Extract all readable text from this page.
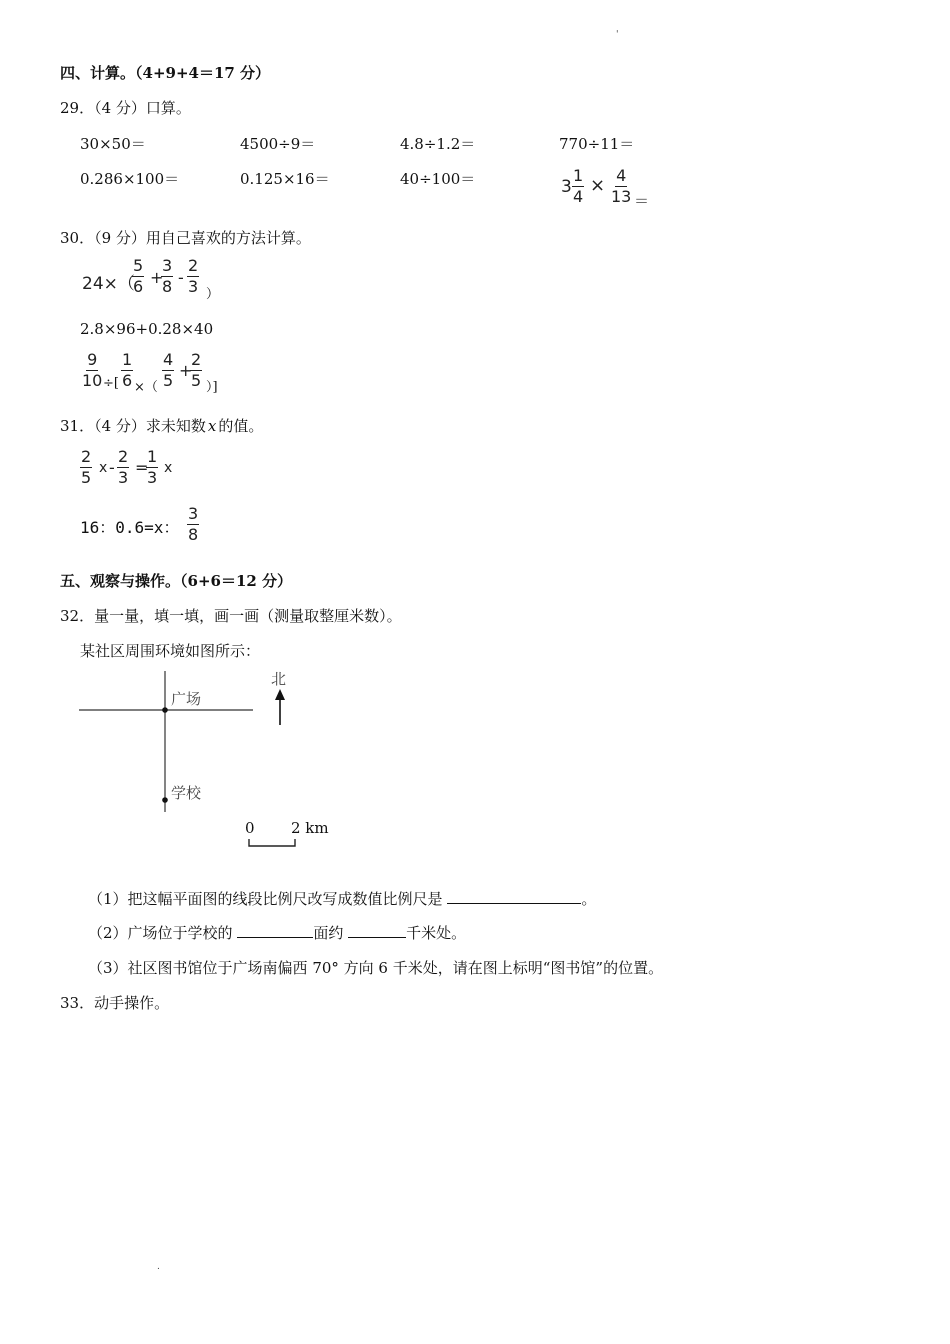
'
四、计算。（4+9+4＝17 分）
29．（4 分）口算。
30×50＝	4500÷9＝	4.8÷1.2＝	770÷11＝
0.286×100＝	0.125×16＝	40÷100＝	$3 \frac{1}{4} \times \frac{4}{13}$ ＝
30．（9 分）用自己喜欢的方法计算。
24×（
$\frac{5}{6}$ +
$\frac{3}{8} - \frac{2}{3}$ ）
2.8×96+0.28×40
$\frac{9}{10}$ ÷[ $\frac{1}{6}$ ×（ $\frac{4}{5}$ +
$\frac{2}{5}$ ）]
31．（4 分）求未知数 x 的值。
$\frac{2}{5}$ x - $\frac{2}{3}$ =
$\frac{1}{3}$ x
16：0.6=x： $\frac{3}{8}$
五、观察与操作。（6+6＝12 分）
32．量一量，填一填，画一画（测量取整厘米数）。
某社区周围环境如图所示：
广场
学校
北
0 2 km
（1）把这幅平面图的线段比例尺改写成数值比例尺是	。
（2）广场位于学校的	面约	千米处。
（3）社区图书馆位于广场南偏西 70° 方向 6 千米处，请在图上标明“图书馆”的位置。
33．动手操作。
.
